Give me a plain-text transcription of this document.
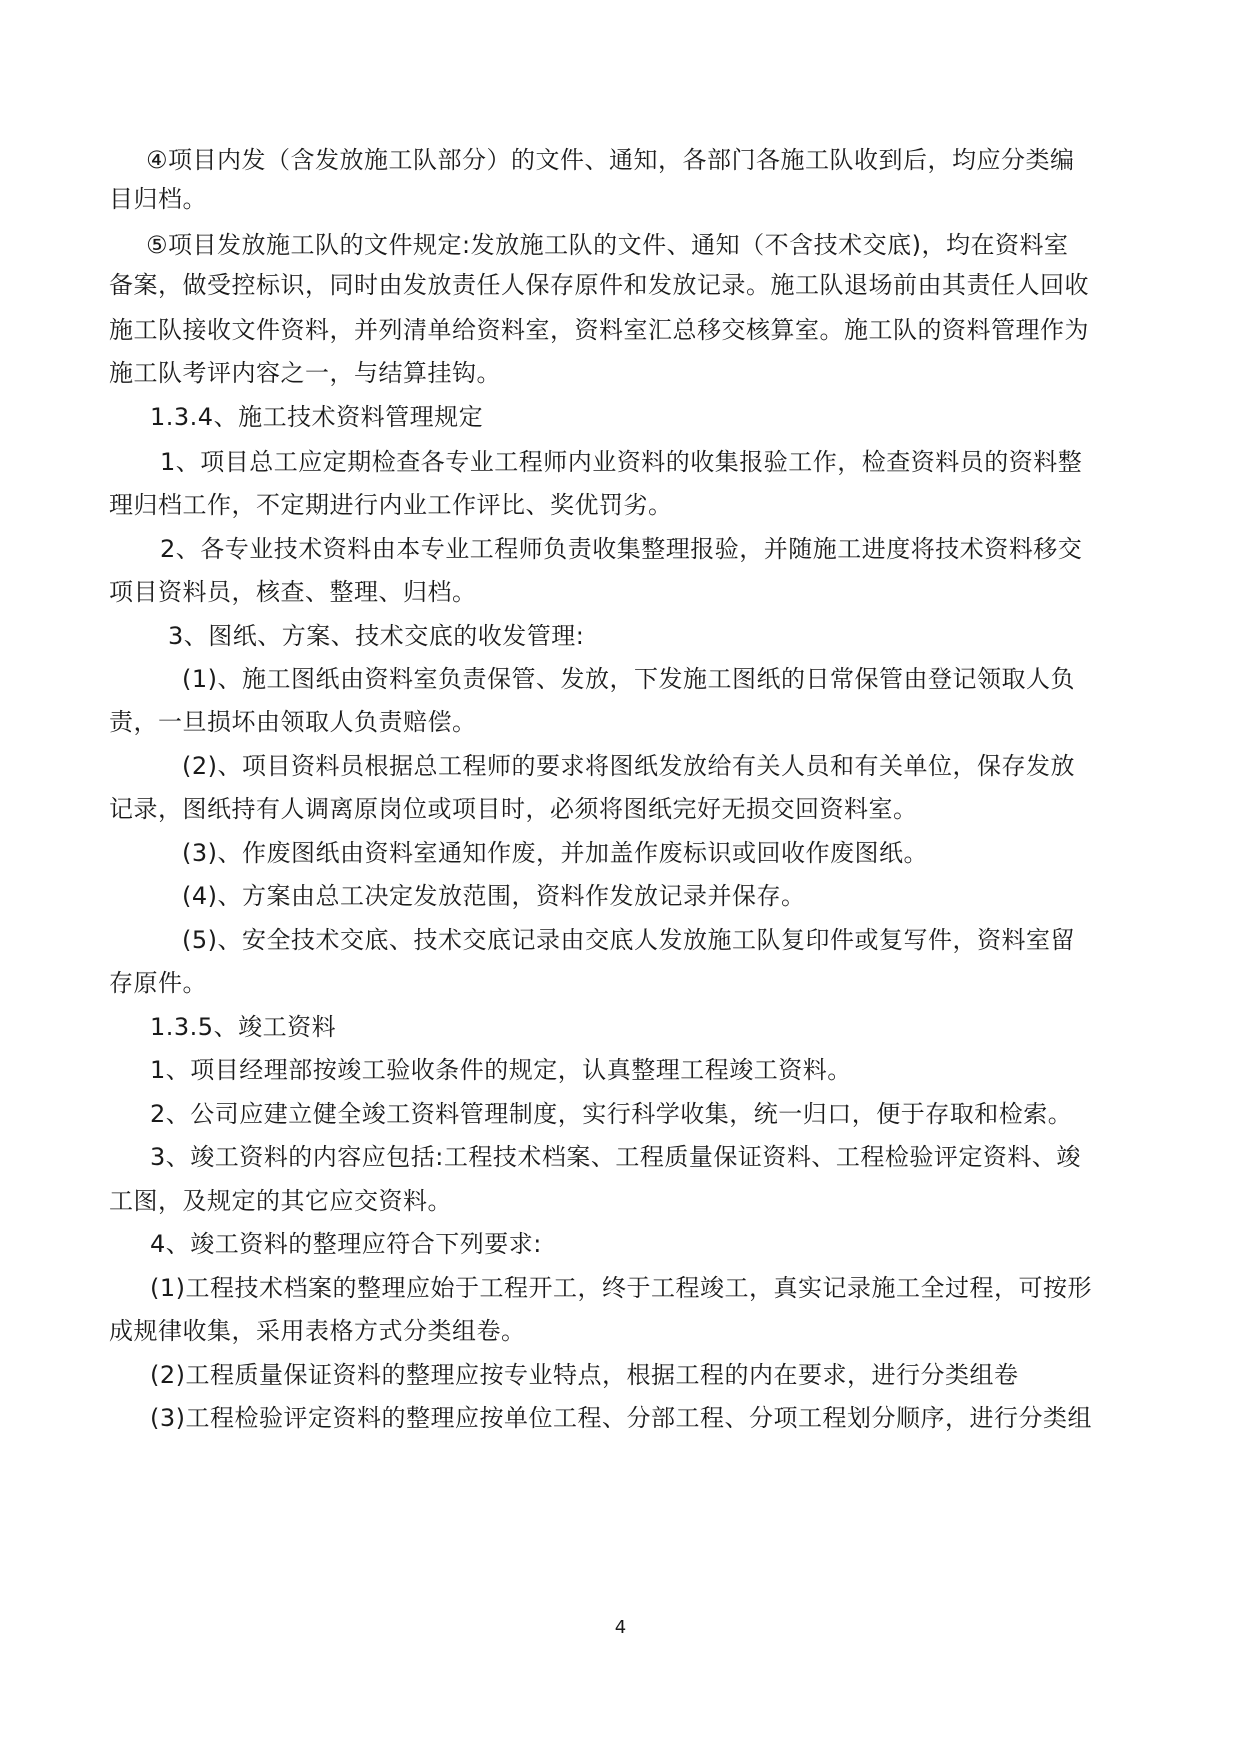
④ 项 目 内 发 （ 含 发 放 施 工 队 部 分 ） 的 文 件 、 通 知 ， 各 部 门 各 施 工 队 收 到 后 ， 均 应 分 类 编
目归档。
⑤ 项 目 发 放 施 工 队 的 文 件 规 定 : 发 放 施 工 队 的 文 件 、 通 知 （ 不 含 技 术 交 底 ) ， 均 在 资 料 室
备 案 ， 做 受 控 标 识 ， 同 时 由 发 放 责 任 人 保 存 原 件 和 发 放 记 录 。 施 工 队 退 场 前 由 其 责 任 人 回 收
施 工 队 接 收 文 件 资 料 ， 并 列 清 单 给 资 料 室 ， 资 料 室 汇 总 移 交 核 算 室 。 施 工 队 的 资 料 管 理 作 为
施工队考评内容之一，与结算挂钩。
1.3.4、施工技术资料管理规定
1 、 项 目 总 工 应 定 期 检 查 各 专 业 工 程 师 内 业 资 料 的 收 集 报 验 工 作 ， 检 查 资 料 员 的 资 料 整
理归档工作，不定期进行内业工作评比、奖优罚劣。
2 、 各 专 业 技 术 资 料 由 本 专 业 工 程 师 负 责 收 集 整 理 报 验 ， 并 随 施 工 进 度 将 技 术 资 料 移 交
项目资料员，核查、整理、归档。
3、图纸、方案、技术交底的收发管理:
( 1 ) 、 施 工 图 纸 由 资 料 室 负 责 保 管 、 发 放 ， 下 发 施 工 图 纸 的 日 常 保 管 由 登 记 领 取 人 负
责，一旦损坏由领取人负责赔偿。
( 2 ) 、 项 目 资 料 员 根 据 总 工 程 师 的 要 求 将 图 纸 发 放 给 有 关 人 员 和 有 关 单 位 ， 保 存 发 放
记录，图纸持有人调离原岗位或项目时，必须将图纸完好无损交回资料室。
(3)、作废图纸由资料室通知作废，并加盖作废标识或回收作废图纸。
(4)、方案由总工决定发放范围，资料作发放记录并保存。
( 5 ) 、 安 全 技 术 交 底 、 技 术 交 底 记 录 由 交 底 人 发 放 施 工 队 复 印 件 或 复 写 件 ， 资 料 室 留
存原件。
1.3.5、竣工资料
1、项目经理部按竣工验收条件的规定，认真整理工程竣工资料。
2、公司应建立健全竣工资料管理制度，实行科学收集，统一归口，便于存取和检索。
3 、 竣 工 资 料 的 内 容 应 包 括 : 工 程 技 术 档 案 、 工 程 质 量 保 证 资 料 、 工 程 检 验 评 定 资 料 、 竣
工图，及规定的其它应交资料。
4、竣工资料的整理应符合下列要求:
( 1 ) 工 程 技 术 档 案 的 整 理 应 始 于 工 程 开 工 ， 终 于 工 程 竣 工 ， 真 实 记 录 施 工 全 过 程 ， 可 按 形
成规律收集，采用表格方式分类组卷。
(2)工程质量保证资料的整理应按专业特点，根据工程的内在要求，进行分类组卷
( 3 ) 工 程 检 验 评 定 资 料 的 整 理 应 按 单 位 工 程 、 分 部 工 程 、 分 项 工 程 划 分 顺 序 ， 进 行 分 类 组
4
